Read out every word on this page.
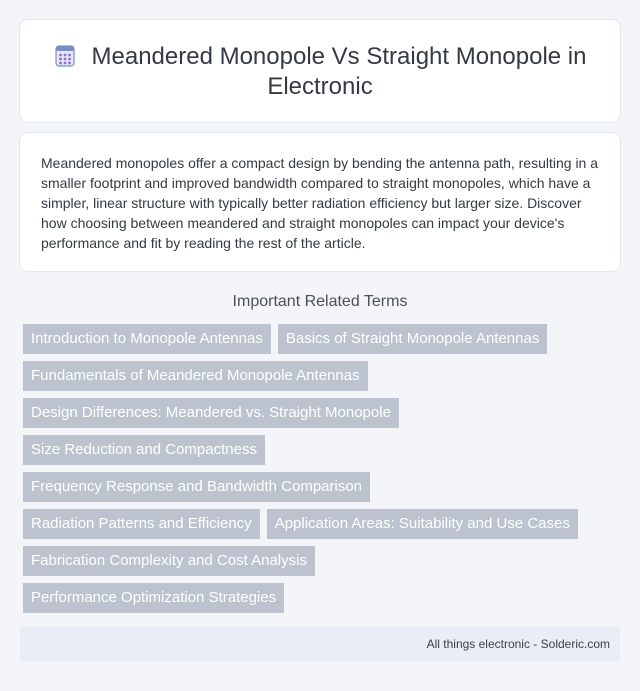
Meandered Monopole Vs Straight Monopole in Electronic

Meandered monopoles offer a compact design by bending the antenna path, resulting in a smaller footprint and improved bandwidth compared to straight monopoles, which have a simpler, linear structure with typically better radiation efficiency but larger size. Discover how choosing between meandered and straight monopoles can impact your device's performance and fit by reading the rest of the article.

Important Related Terms
Introduction to Monopole Antennas	Basics of Straight Monopole Antennas
Fundamentals of Meandered Monopole Antennas
Design Differences: Meandered vs. Straight Monopole
Size Reduction and Compactness
Frequency Response and Bandwidth Comparison
Radiation Patterns and Efficiency	Application Areas: Suitability and Use Cases
Fabrication Complexity and Cost Analysis
Performance Optimization Strategies
All things electronic - Solderic.com
